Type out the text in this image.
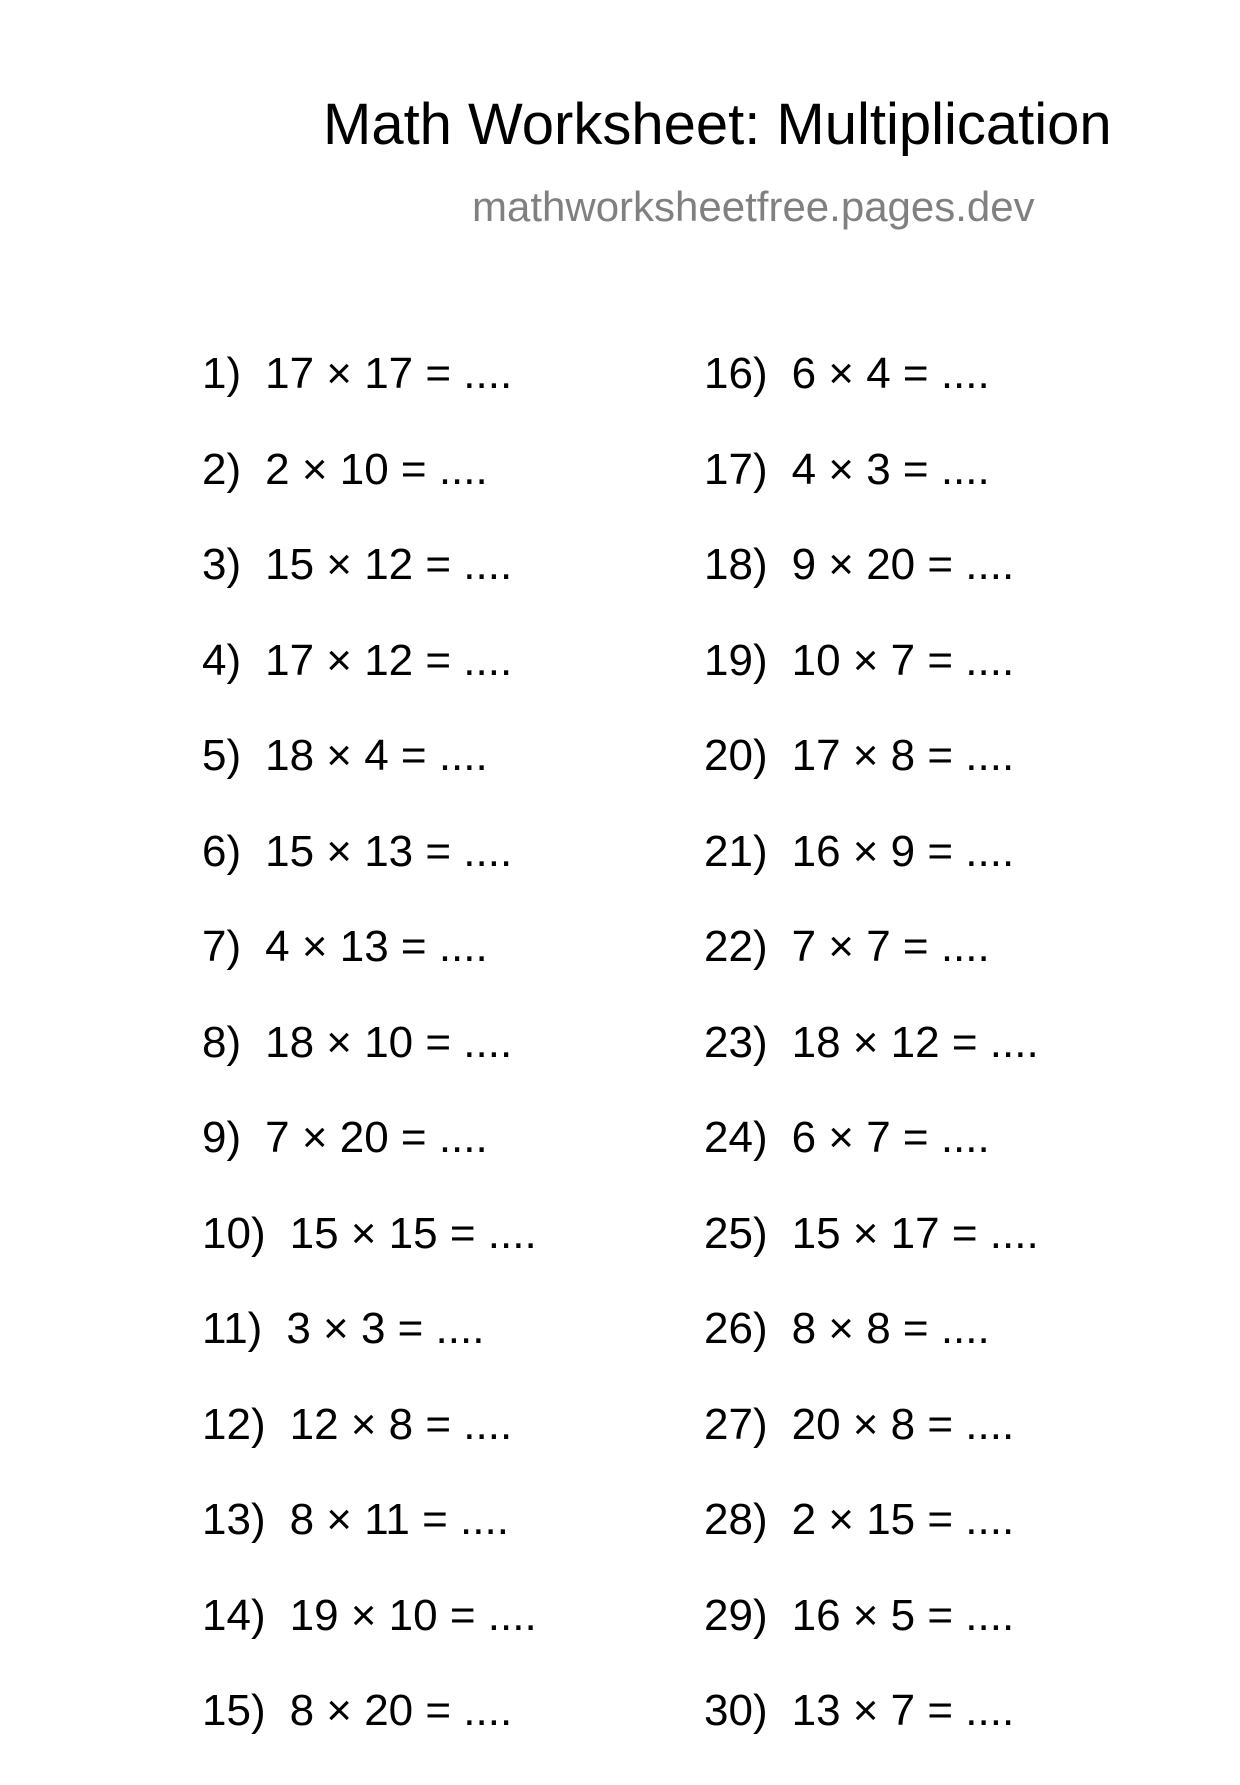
Math Worksheet: Multiplication
mathworksheetfree.pages.dev
1) 17 × 17 = ....
2) 2 × 10 = ....
3) 15 × 12 = ....
4) 17 × 12 = ....
5) 18 × 4 = ....
6) 15 × 13 = ....
7) 4 × 13 = ....
8) 18 × 10 = ....
9) 7 × 20 = ....
10) 15 × 15 = ....
11) 3 × 3 = ....
12) 12 × 8 = ....
13) 8 × 11 = ....
14) 19 × 10 = ....
15) 8 × 20 = ....
16) 6 × 4 = ....
17) 4 × 3 = ....
18) 9 × 20 = ....
19) 10 × 7 = ....
20) 17 × 8 = ....
21) 16 × 9 = ....
22) 7 × 7 = ....
23) 18 × 12 = ....
24) 6 × 7 = ....
25) 15 × 17 = ....
26) 8 × 8 = ....
27) 20 × 8 = ....
28) 2 × 15 = ....
29) 16 × 5 = ....
30) 13 × 7 = ....
